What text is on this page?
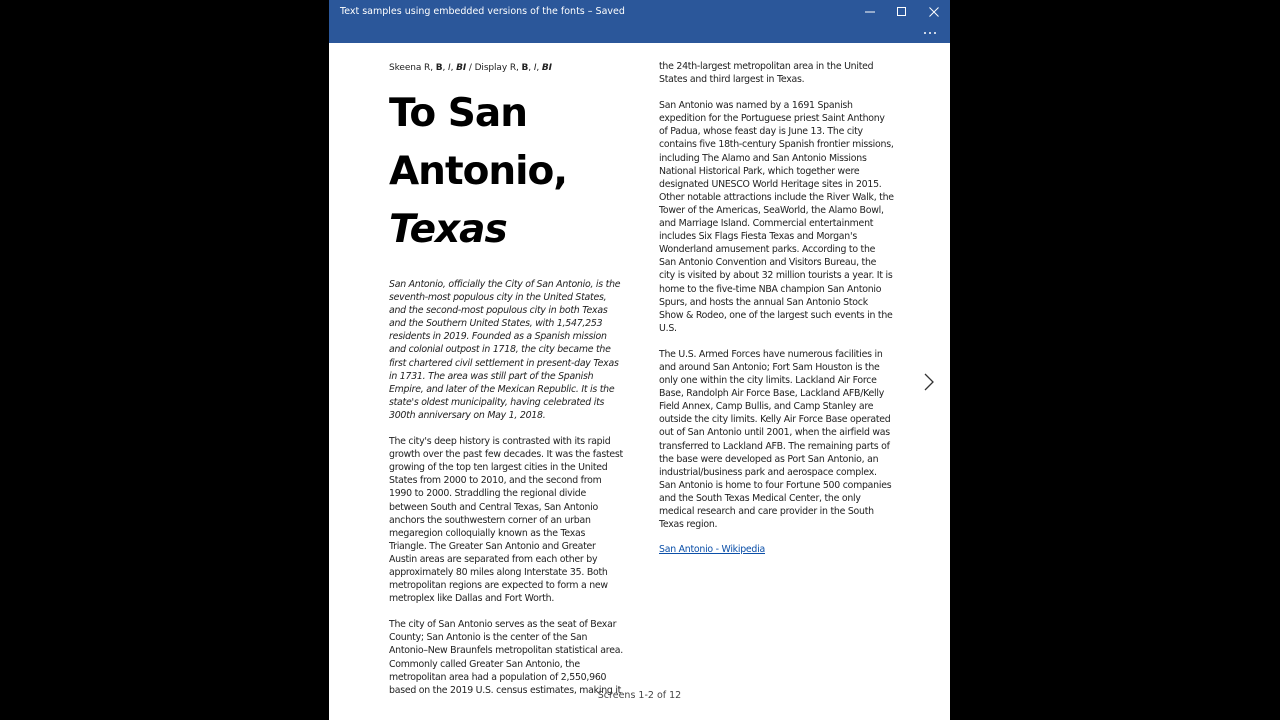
Text samples using embedded versions of the fonts – Saved
Skeena R, B, I, BI / Display R, B, I, BI
To San
Antonio,
Texas

San Antonio, officially the City of San Antonio, is the seventh-most populous city in the United States, and the second-most populous city in both Texas and the Southern United States, with 1,547,253 residents in 2019. Founded as a Spanish mission and colonial outpost in 1718, the city became the first chartered civil settlement in present-day Texas in 1731. The area was still part of the Spanish Empire, and later of the Mexican Republic. It is the state's oldest municipality, having celebrated its 300th anniversary on May 1, 2018.

The city's deep history is contrasted with its rapid growth over the past few decades. It was the fastest growing of the top ten largest cities in the United States from 2000 to 2010, and the second from 1990 to 2000. Straddling the regional divide between South and Central Texas, San Antonio anchors the southwestern corner of an urban megaregion colloquially known as the Texas Triangle. The Greater San Antonio and Greater Austin areas are separated from each other by approximately 80 miles along Interstate 35. Both metropolitan regions are expected to form a new metroplex like Dallas and Fort Worth.

The city of San Antonio serves as the seat of Bexar County; San Antonio is the center of the San Antonio–New Braunfels metropolitan statistical area. Commonly called Greater San Antonio, the metropolitan area had a population of 2,550,960 based on the 2019 U.S. census estimates, making it

the 24th-largest metropolitan area in the United States and third largest in Texas.

San Antonio was named by a 1691 Spanish expedition for the Portuguese priest Saint Anthony of Padua, whose feast day is June 13. The city contains five 18th-century Spanish frontier missions, including The Alamo and San Antonio Missions National Historical Park, which together were designated UNESCO World Heritage sites in 2015. Other notable attractions include the River Walk, the Tower of the Americas, SeaWorld, the Alamo Bowl, and Marriage Island. Commercial entertainment includes Six Flags Fiesta Texas and Morgan's Wonderland amusement parks. According to the San Antonio Convention and Visitors Bureau, the city is visited by about 32 million tourists a year. It is home to the five-time NBA champion San Antonio Spurs, and hosts the annual San Antonio Stock Show & Rodeo, one of the largest such events in the U.S.

The U.S. Armed Forces have numerous facilities in and around San Antonio; Fort Sam Houston is the only one within the city limits. Lackland Air Force Base, Randolph Air Force Base, Lackland AFB/Kelly Field Annex, Camp Bullis, and Camp Stanley are outside the city limits. Kelly Air Force Base operated out of San Antonio until 2001, when the airfield was transferred to Lackland AFB. The remaining parts of the base were developed as Port San Antonio, an industrial/business park and aerospace complex. San Antonio is home to four Fortune 500 companies and the South Texas Medical Center, the only medical research and care provider in the South Texas region.

San Antonio - Wikipedia
Screens 1-2 of 12
